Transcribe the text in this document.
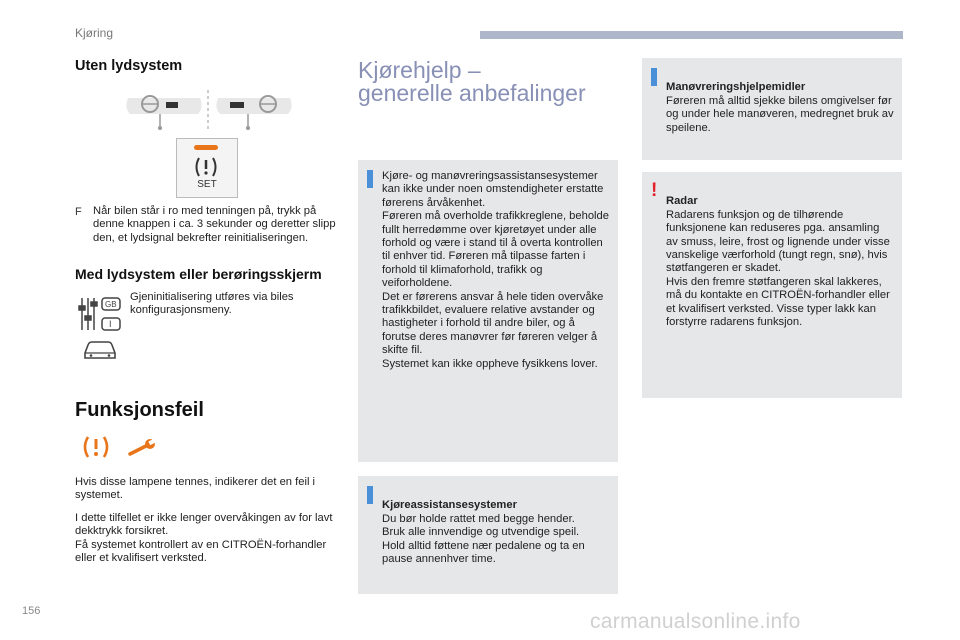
Kjøring
Uten lydsystem
SET
F Når bilen står i ro med tenningen på, trykk på denne knappen i ca. 3 sekunder og deretter slipp den, et lydsignal bekrefter reinitialiseringen.
Med lydsystem eller berøringsskjerm
GB
I
Gjeninitialisering utføres via biles konfigurasjonsmeny.
Funksjonsfeil
Hvis disse lampene tennes, indikerer det en feil i systemet.
I dette tilfellet er ikke lenger overvåkingen av for lavt dekktrykk forsikret.
Få systemet kontrollert av en CITROËN-forhandler eller et kvalifisert verksted.
Kjørehjelp –
generelle anbefalinger
Kjøre- og manøvreringsassistansesystemer kan ikke under noen omstendigheter erstatte førerens årvåkenhet.
Føreren må overholde trafikkreglene, beholde fullt herredømme over kjøretøyet under alle forhold og være i stand til å overta kontrollen til enhver tid. Føreren må tilpasse farten i forhold til klimaforhold, trafikk og veiforholdene.
Det er førerens ansvar å hele tiden overvåke trafikkbildet, evaluere relative avstander og hastigheter i forhold til andre biler, og å forutse deres manøvrer før føreren velger å skifte fil.
Systemet kan ikke oppheve fysikkens lover.

Kjøreassistansesystemer
Du bør holde rattet med begge hender.
Bruk alle innvendige og utvendige speil.
Hold alltid føttene nær pedalene og ta en pause annenhver time.

Manøvreringshjelpemidler
Føreren må alltid sjekke bilens omgivelser før og under hele manøveren, medregnet bruk av speilene.

!

Radar
Radarens funksjon og de tilhørende funksjonene kan reduseres pga. ansamling av smuss, leire, frost og lignende under visse vanskelige værforhold (tungt regn, snø), hvis støtfangeren er skadet.
Hvis den fremre støtfangeren skal lakkeres, må du kontakte en CITROËN-forhandler eller et kvalifisert verksted. Visse typer lakk kan forstyrre radarens funksjon.

156	carmanualsonline.info
